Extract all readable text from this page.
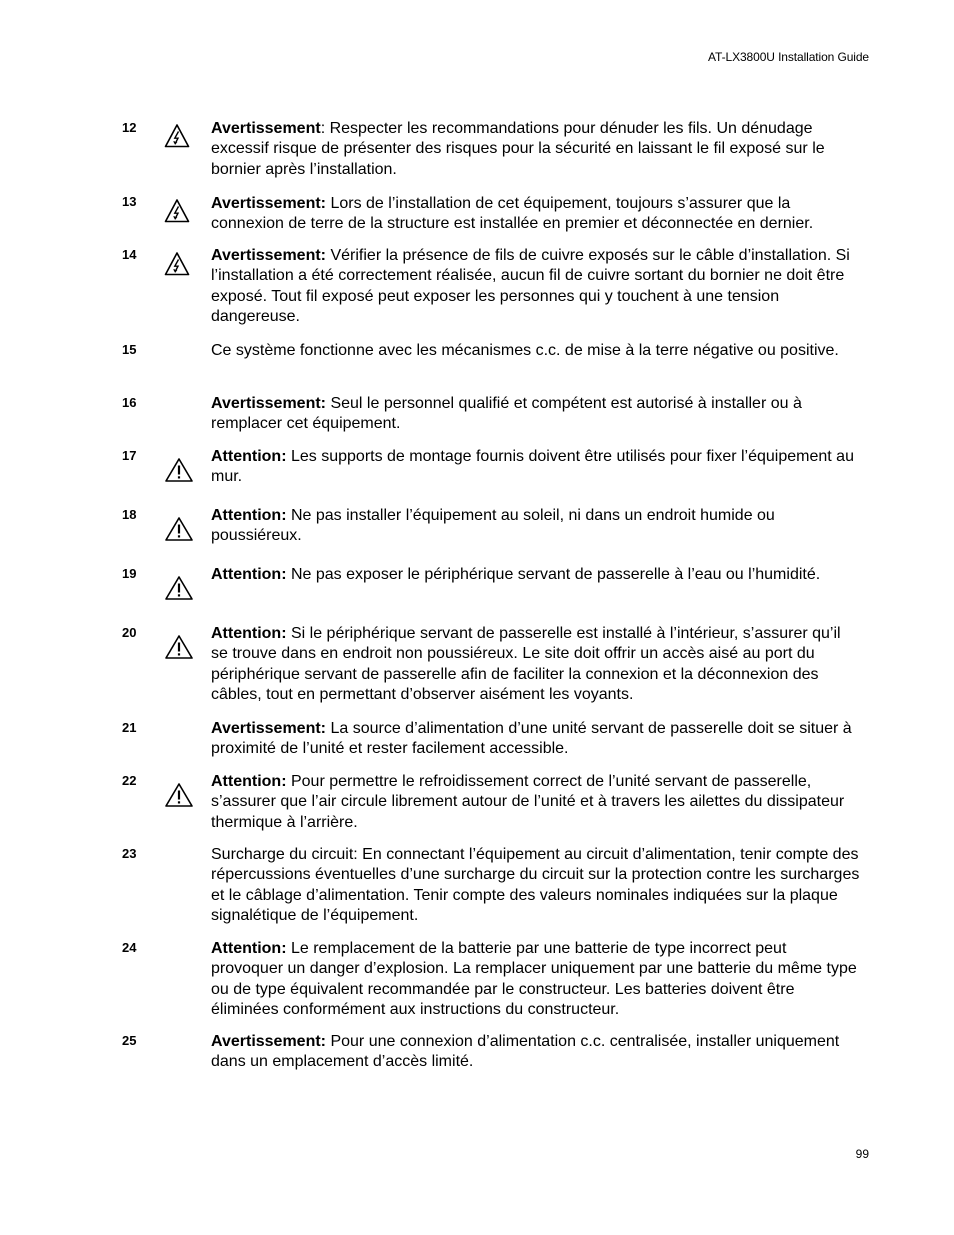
AT-LX3800U Installation Guide
12	Avertissement: Respecter les recommandations pour dénuder les fils. Un dénudage excessif risque de présenter des risques pour la sécurité en laissant le fil exposé sur le bornier après l’installation.
13	Avertissement: Lors de l’installation de cet équipement, toujours s’assurer que la connexion de terre de la structure est installée en premier et déconnectée en dernier.
14	Avertissement: Vérifier la présence de fils de cuivre exposés sur le câble d’installation. Si l’installation a été correctement réalisée, aucun fil de cuivre sortant du bornier ne doit être exposé. Tout fil exposé peut exposer les personnes qui y touchent à une tension dangereuse.
15	Ce système fonctionne avec les mécanismes c.c. de mise à la terre négative ou positive.
16	Avertissement: Seul le personnel qualifié et compétent est autorisé à installer ou à remplacer cet équipement.
17	Attention: Les supports de montage fournis doivent être utilisés pour fixer l’équipement au mur.
18	Attention: Ne pas installer l’équipement au soleil, ni dans un endroit humide ou poussiéreux.
19	Attention: Ne pas exposer le périphérique servant de passerelle à l’eau ou l’humidité.
20	Attention: Si le périphérique servant de passerelle est installé à l’intérieur, s’assurer qu’il se trouve dans en endroit non poussiéreux. Le site doit offrir un accès aisé au port du périphérique servant de passerelle afin de faciliter la connexion et la déconnexion des câbles, tout en permettant d’observer aisément les voyants.
21	Avertissement: La source d’alimentation d’une unité servant de passerelle doit se situer à proximité de l’unité et rester facilement accessible.
22	Attention: Pour permettre le refroidissement correct de l’unité servant de passerelle, s’assurer que l’air circule librement autour de l’unité et à travers les ailettes du dissipateur thermique à l’arrière.
23	Surcharge du circuit: En connectant l’équipement au circuit d’alimentation, tenir compte des répercussions éventuelles d’une surcharge du circuit sur la protection contre les surcharges et le câblage d’alimentation. Tenir compte des valeurs nominales indiquées sur la plaque signalétique de l’équipement.
24	Attention: Le remplacement de la batterie par une batterie de type incorrect peut provoquer un danger d’explosion. La remplacer uniquement par une batterie du même type ou de type équivalent recommandée par le constructeur. Les batteries doivent être éliminées conformément aux instructions du constructeur.
25	Avertissement: Pour une connexion d’alimentation c.c. centralisée, installer uniquement dans un emplacement d’accès limité.
99
